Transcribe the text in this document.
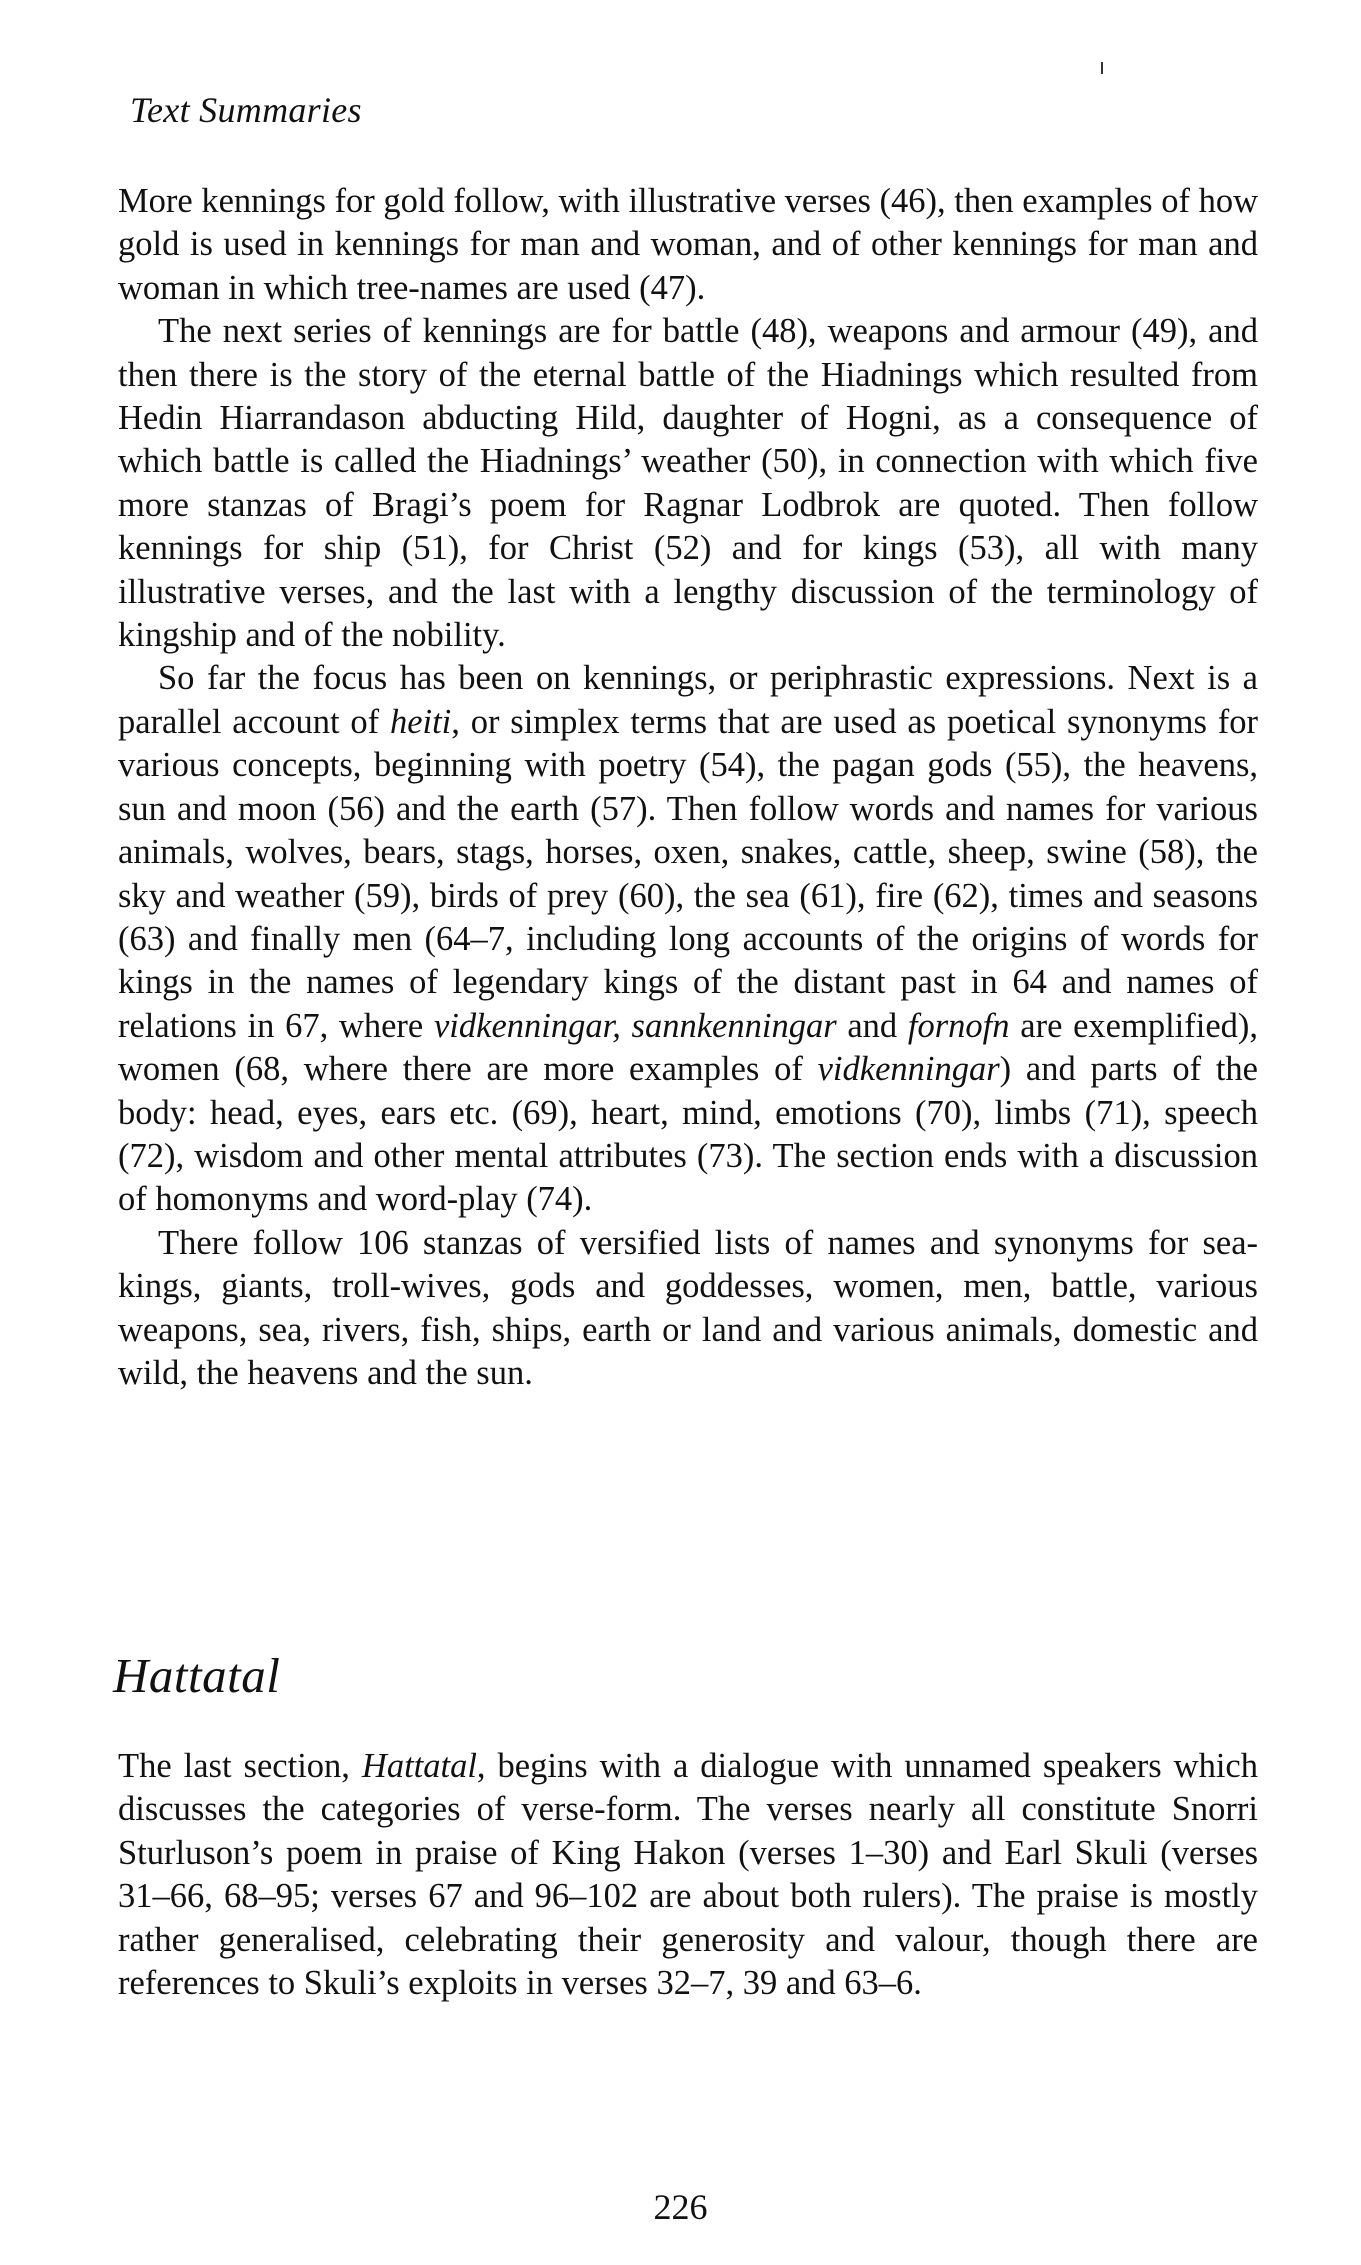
Text Summaries

More kennings for gold follow, with illustrative verses (46), then examples of how gold is used in kennings for man and woman, and of other kennings for man and woman in which tree-names are used (47).

The next series of kennings are for battle (48), weapons and armour (49), and then there is the story of the eternal battle of the Hiadnings which resulted from Hedin Hiarrandason abducting Hild, daughter of Hogni, as a consequence of which battle is called the Hiadnings’ weather (50), in connection with which five more stanzas of Bragi’s poem for Ragnar Lodbrok are quoted. Then follow kennings for ship (51), for Christ (52) and for kings (53), all with many illustrative verses, and the last with a lengthy discussion of the terminology of kingship and of the nobility.

So far the focus has been on kennings, or periphrastic expressions. Next is a parallel account of heiti, or simplex terms that are used as poetical synonyms for various concepts, beginning with poetry (54), the pagan gods (55), the heavens, sun and moon (56) and the earth (57). Then follow words and names for various animals, wolves, bears, stags, horses, oxen, snakes, cattle, sheep, swine (58), the sky and weather (59), birds of prey (60), the sea (61), fire (62), times and seasons (63) and finally men (64–7, including long accounts of the origins of words for kings in the names of legendary kings of the distant past in 64 and names of relations in 67, where vidkenningar, sannkenningar and fornofn are exemplified), women (68, where there are more examples of vidkenningar) and parts of the body: head, eyes, ears etc. (69), heart, mind, emotions (70), limbs (71), speech (72), wisdom and other mental attributes (73). The section ends with a discussion of homonyms and word-play (74).

There follow 106 stanzas of versified lists of names and synonyms for sea-kings, giants, troll-wives, gods and goddesses, women, men, battle, various weapons, sea, rivers, fish, ships, earth or land and various animals, domestic and wild, the heavens and the sun.

Hattatal

The last section, Hattatal, begins with a dialogue with unnamed speakers which discusses the categories of verse-form. The verses nearly all constitute Snorri Sturluson’s poem in praise of King Hakon (verses 1–30) and Earl Skuli (verses 31–66, 68–95; verses 67 and 96–102 are about both rulers). The praise is mostly rather generalised, celebrating their generosity and valour, though there are references to Skuli’s exploits in verses 32–7, 39 and 63–6.

226
